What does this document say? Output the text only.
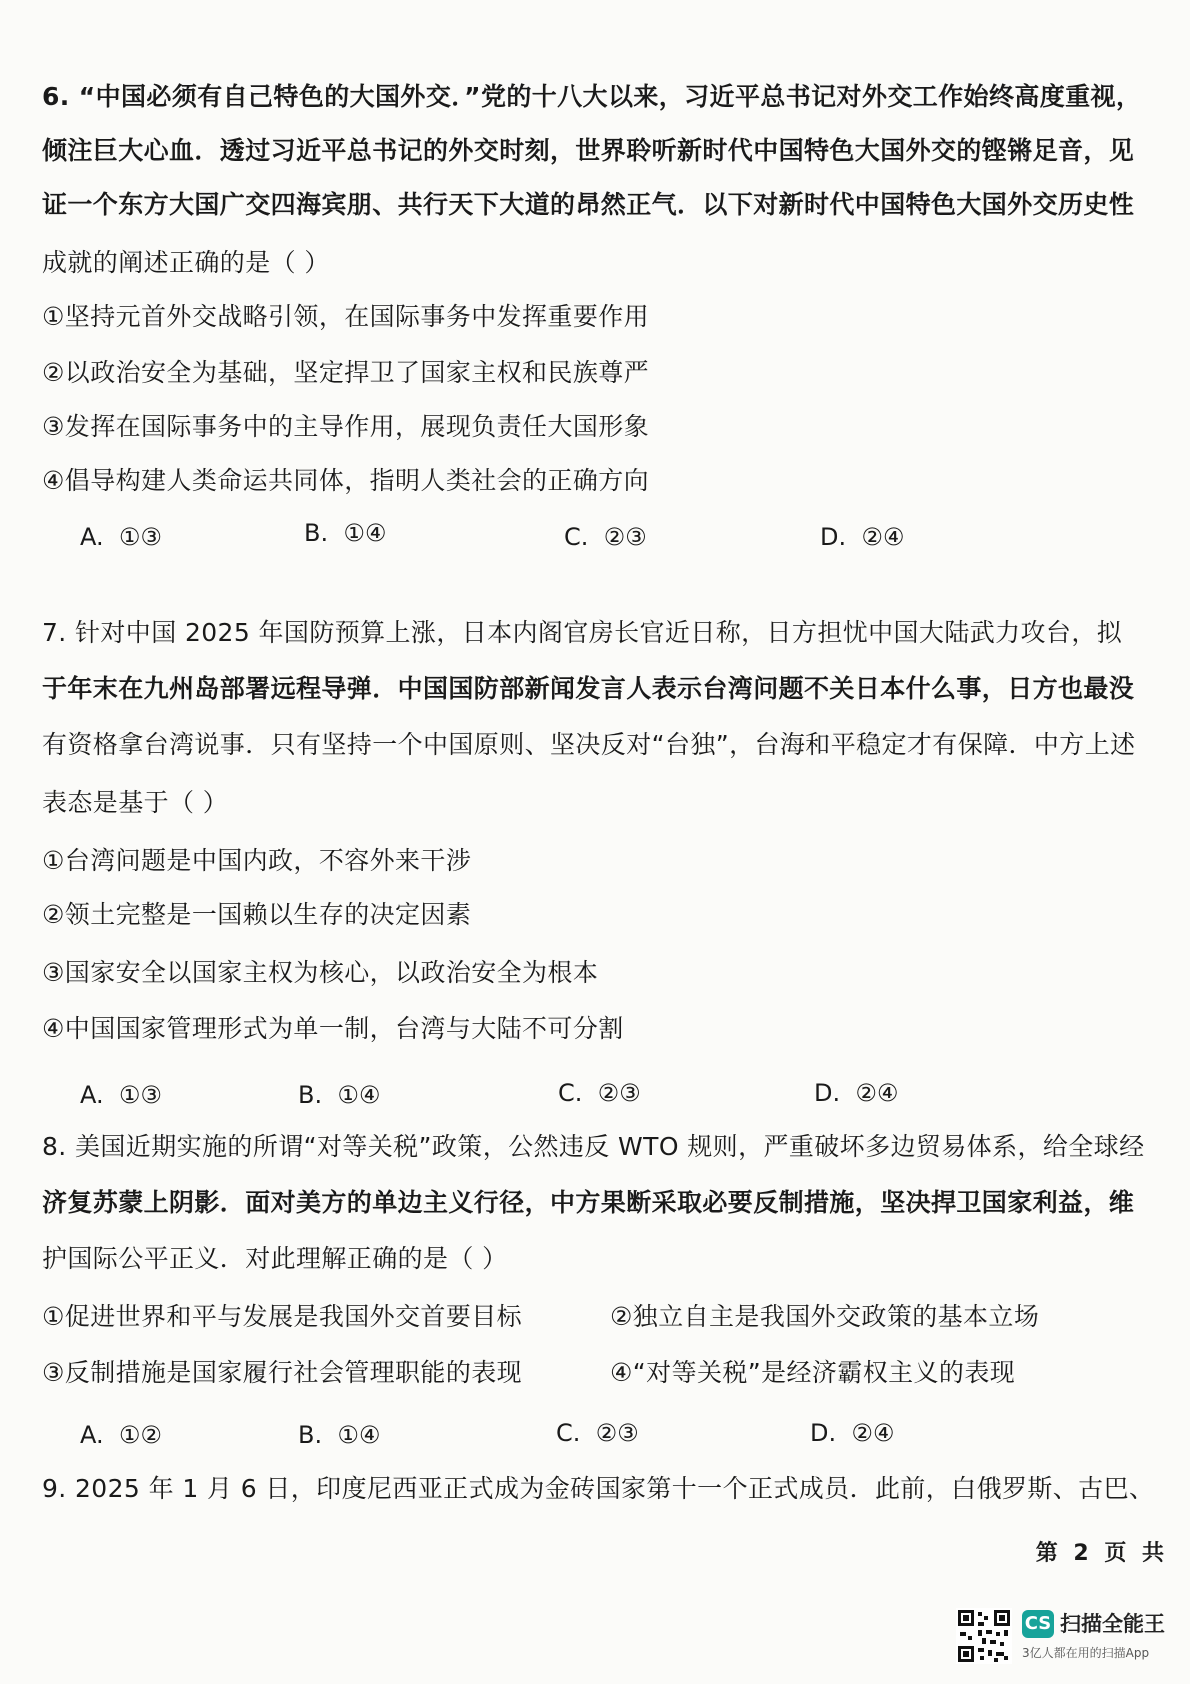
6. “中国必须有自己特色的大国外交．”党的十八大以来，习近平总书记对外交工作始终高度重视，
倾注巨大心血．透过习近平总书记的外交时刻，世界聆听新时代中国特色大国外交的铿锵足音，见
证一个东方大国广交四海宾朋、共行天下大道的昂然正气．以下对新时代中国特色大国外交历史性
成就的阐述正确的是（ ）
①坚持元首外交战略引领，在国际事务中发挥重要作用
②以政治安全为基础，坚定捍卫了国家主权和民族尊严
③发挥在国际事务中的主导作用，展现负责任大国形象
④倡导构建人类命运共同体，指明人类社会的正确方向
A. ①③	B. ①④	C. ②③	D. ②④
7. 针对中国 2025 年国防预算上涨，日本内阁官房长官近日称，日方担忧中国大陆武力攻台，拟
于年末在九州岛部署远程导弹．中国国防部新闻发言人表示台湾问题不关日本什么事，日方也最没
有资格拿台湾说事．只有坚持一个中国原则、坚决反对“台独”，台海和平稳定才有保障．中方上述
表态是基于（ ）
①台湾问题是中国内政，不容外来干涉
②领土完整是一国赖以生存的决定因素
③国家安全以国家主权为核心，以政治安全为根本
④中国国家管理形式为单一制，台湾与大陆不可分割
A. ①③	B. ①④	C. ②③	D. ②④
8. 美国近期实施的所谓“对等关税”政策，公然违反 WTO 规则，严重破坏多边贸易体系，给全球经
济复苏蒙上阴影．面对美方的单边主义行径，中方果断采取必要反制措施，坚决捍卫国家利益，维
护国际公平正义．对此理解正确的是（ ）
①促进世界和平与发展是我国外交首要目标	②独立自主是我国外交政策的基本立场
③反制措施是国家履行社会管理职能的表现	④“对等关税”是经济霸权主义的表现
A. ①②	B. ①④	C. ②③	D. ②④
9. 2025 年 1 月 6 日，印度尼西亚正式成为金砖国家第十一个正式成员．此前，白俄罗斯、古巴、
第 2 页 共
CS 扫描全能王
3亿人都在用的扫描App
